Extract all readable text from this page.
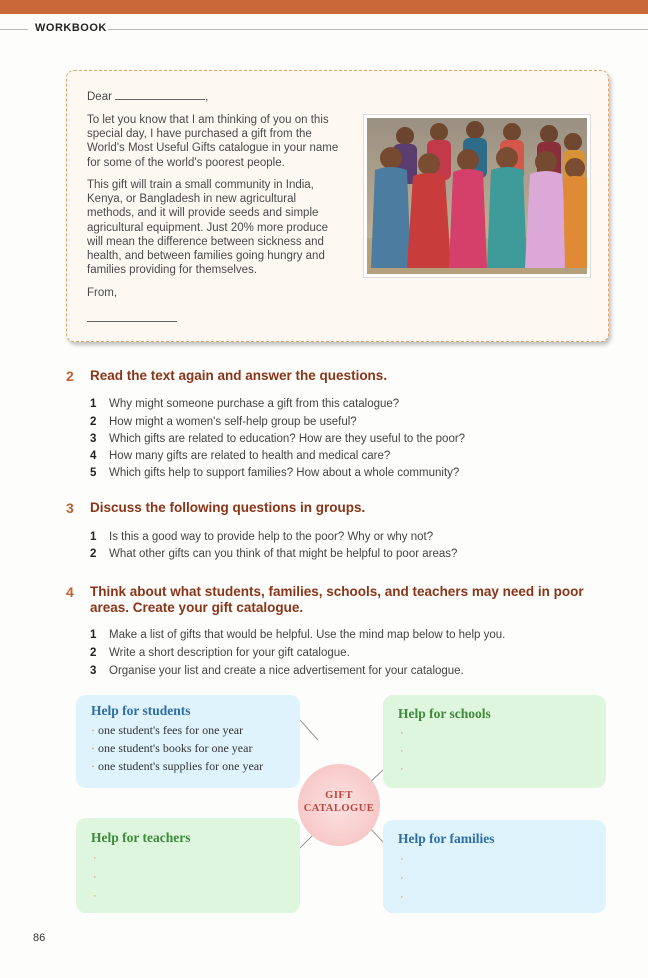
WORKBOOK

Dear	,

To let you know that I am thinking of you on this special day, I have purchased a gift from the World's Most Useful Gifts catalogue in your name for some of the world's poorest people.

This gift will train a small community in India, Kenya, or Bangladesh in new agricultural methods, and it will provide seeds and simple agricultural equipment. Just 20% more produce will mean the difference between sickness and health, and between families going hungry and families providing for themselves.

From,

2 Read the text again and answer the questions.
1 Why might someone purchase a gift from this catalogue?
2 How might a women's self-help group be useful?
3 Which gifts are related to education? How are they useful to the poor?
4 How many gifts are related to health and medical care?
5 Which gifts help to support families? How about a whole community?
3 Discuss the following questions in groups.
1 Is this a good way to provide help to the poor? Why or why not?
2 What other gifts can you think of that might be helpful to poor areas?
4 Think about what students, families, schools, and teachers may need in poor
areas. Create your gift catalogue.
1 Make a list of gifts that would be helpful. Use the mind map below to help you.
2 Write a short description for your gift catalogue.
3 Organise your list and create a nice advertisement for your catalogue.
Help for students
· one student's fees for one year
· one student's books for one year
· one student's supplies for one year
Help for schools
·
·
·
Help for teachers
·
·
·
Help for families
·
·
·
GIFT
CATALOGUE
86
